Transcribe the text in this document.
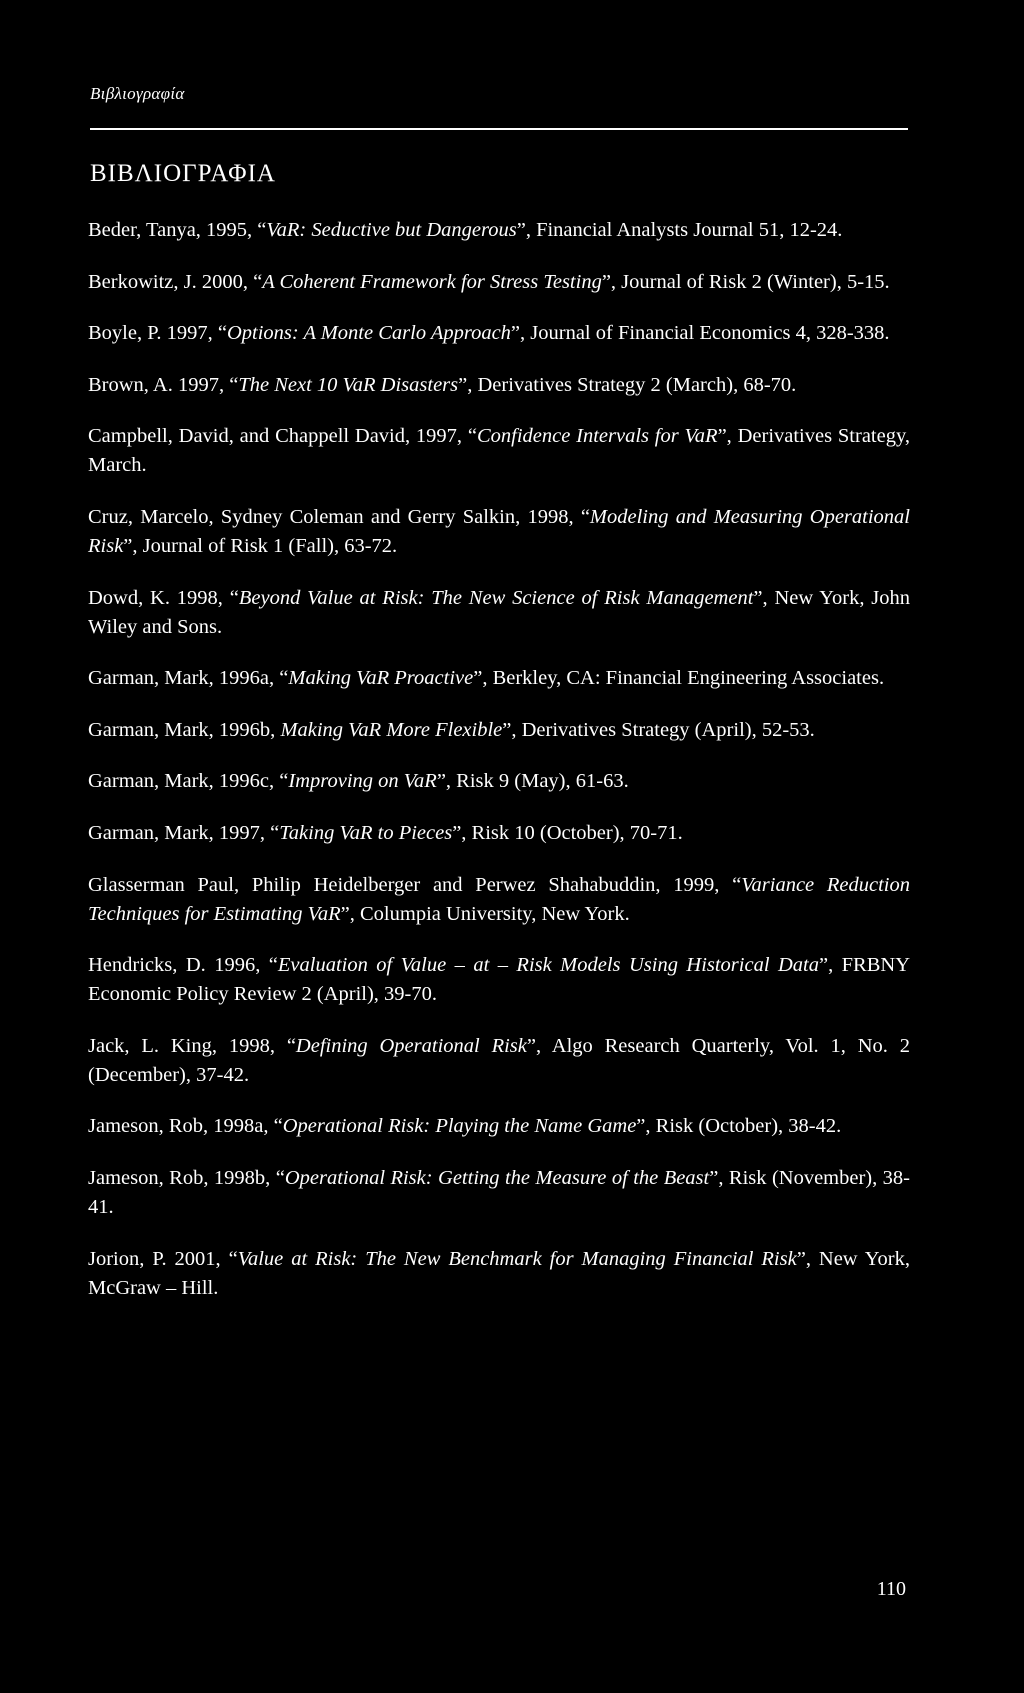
Βιβλιογραφία
ΒΙΒΛΙΟΓΡΑΦΙΑ
Beder, Tanya, 1995, “VaR: Seductive but Dangerous”, Financial Analysts Journal 51, 12-24.
Berkowitz, J. 2000, “A Coherent Framework for Stress Testing”, Journal of Risk 2 (Winter), 5-15.
Boyle, P. 1997, “Options: A Monte Carlo Approach”, Journal of Financial Economics 4, 328-338.
Brown, A. 1997, “The Next 10 VaR Disasters”, Derivatives Strategy 2 (March), 68-70.
Campbell, David, and Chappell David, 1997, “Confidence Intervals for VaR”, Derivatives Strategy, March.
Cruz, Marcelo, Sydney Coleman and Gerry Salkin, 1998, “Modeling and Measuring Operational Risk”, Journal of Risk 1 (Fall), 63-72.
Dowd, K. 1998, “Beyond Value at Risk: The New Science of Risk Management”, New York, John Wiley and Sons.
Garman, Mark, 1996a, “Making VaR Proactive”, Berkley, CA: Financial Engineering Associates.
Garman, Mark, 1996b, Making VaR More Flexible”, Derivatives Strategy (April), 52-53.
Garman, Mark, 1996c, “Improving on VaR”, Risk 9 (May), 61-63.
Garman, Mark, 1997, “Taking VaR to Pieces”, Risk 10 (October), 70-71.
Glasserman Paul, Philip Heidelberger and Perwez Shahabuddin, 1999, “Variance Reduction Techniques for Estimating VaR”, Columpia University, New York.
Hendricks, D. 1996, “Evaluation of Value – at – Risk Models Using Historical Data”, FRBNY Economic Policy Review 2 (April), 39-70.
Jack, L. King, 1998, “Defining Operational Risk”, Algo Research Quarterly, Vol. 1, No. 2 (December), 37-42.
Jameson, Rob, 1998a, “Operational Risk: Playing the Name Game”, Risk (October), 38-42.
Jameson, Rob, 1998b, “Operational Risk: Getting the Measure of the Beast”, Risk (November), 38-41.
Jorion, P. 2001, “Value at Risk: The New Benchmark for Managing Financial Risk”, New York, McGraw – Hill.
110
